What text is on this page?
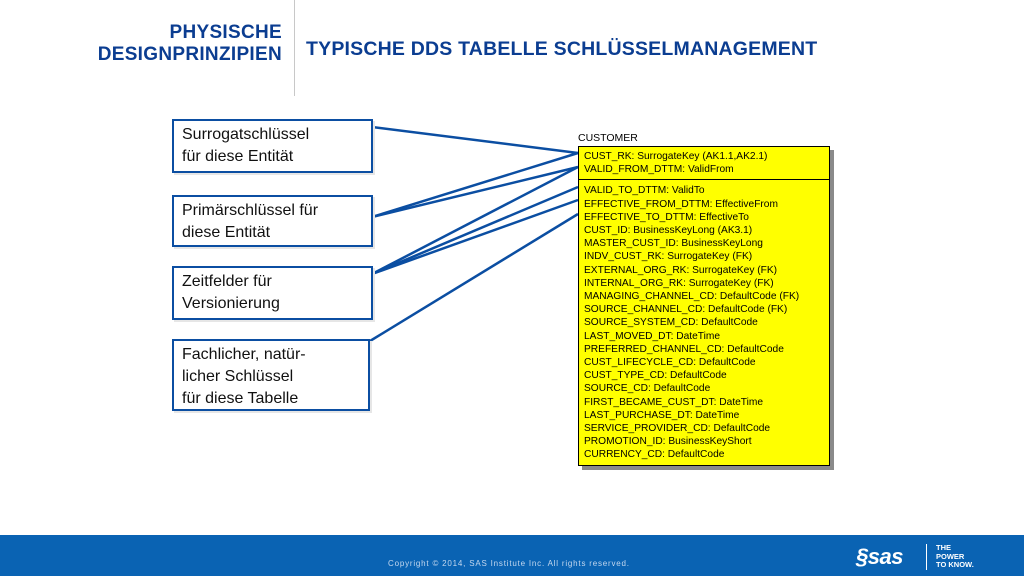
PHYSISCHE
DESIGNPRINZIPIEN TYPISCHE DDS TABELLE SCHLÜSSELMANAGEMENT
Surrogatschlüssel
für diese Entität
Primärschlüssel für
diese Entität
Zeitfelder für
Versionierung
Fachlicher, natür-
licher Schlüssel
für diese Tabelle
CUSTOMER
CUST_RK: SurrogateKey (AK1.1,AK2.1)
VALID_FROM_DTTM: ValidFrom
VALID_TO_DTTM: ValidTo
EFFECTIVE_FROM_DTTM: EffectiveFrom
EFFECTIVE_TO_DTTM: EffectiveTo
CUST_ID: BusinessKeyLong (AK3.1)
MASTER_CUST_ID: BusinessKeyLong
INDV_CUST_RK: SurrogateKey (FK)
EXTERNAL_ORG_RK: SurrogateKey (FK)
INTERNAL_ORG_RK: SurrogateKey (FK)
MANAGING_CHANNEL_CD: DefaultCode (FK)
SOURCE_CHANNEL_CD: DefaultCode (FK)
SOURCE_SYSTEM_CD: DefaultCode
LAST_MOVED_DT: DateTime
PREFERRED_CHANNEL_CD: DefaultCode
CUST_LIFECYCLE_CD: DefaultCode
CUST_TYPE_CD: DefaultCode
SOURCE_CD: DefaultCode
FIRST_BECAME_CUST_DT: DateTime
LAST_PURCHASE_DT: DateTime
SERVICE_PROVIDER_CD: DefaultCode
PROMOTION_ID: BusinessKeyShort
CURRENCY_CD: DefaultCode
Copyright © 2014, SAS Institute Inc. All rights reserved.	§sas	THE
POWER
TO KNOW.
